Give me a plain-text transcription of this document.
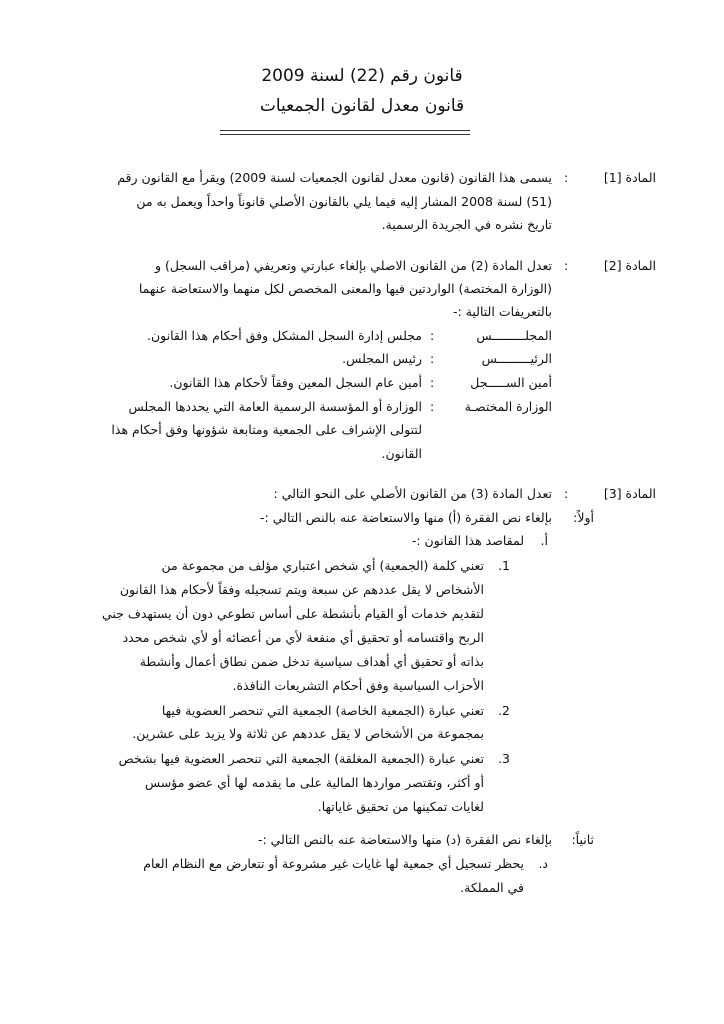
قانون رقم (22) لسنة 2009
قانون معدل لقانون الجمعيات
المادة [1]
:
يسمى هذا القانون (قانون معدل لقانون الجمعيات لسنة 2009) ويقرأ مع القانون رقم
(51) لسنة 2008 المشار إليه فيما يلي بالقانون الأصلي قانوناً واحداً ويعمل به من
تاريخ نشره في الجريدة الرسمية.
المادة [2]
:
تعدل المادة (2) من القانون الاصلي بإلغاء عبارتي وتعريفي (مراقب السجل) و
(الوزارة المختصة) الواردتين فيها والمعنى المخصص لكل منهما والاستعاضة عنهما
بالتعريفات التالية :-
المجلـــــــــس
:
مجلس إدارة السجل المشكل وفق أحكام هذا القانون.
الرئيـــــــــس
:
رئيس المجلس.
أمين الســـــجل
:
أمين عام السجل المعين وفقاً لأحكام هذا القانون.
الوزارة المختصـة
:
الوزارة أو المؤسسة الرسمية العامة التي يحددها المجلس
لتتولى الإشراف على الجمعية ومتابعة شؤونها وفق أحكام هذا
القانون.
المادة [3]
:
تعدل المادة (3) من القانون الأصلي على النحو التالي :
أولاً:
بإلغاء نص الفقرة (أ) منها والاستعاضة عنه بالنص التالي :-
أ.
لمقاصد هذا القانون :-
1.
تعني كلمة (الجمعية) أي شخص اعتباري مؤلف من مجموعة من
الأشخاص لا يقل عددهم عن سبعة ويتم تسجيله وفقاً لأحكام هذا القانون
لتقديم خدمات أو القيام بأنشطة على أساس تطوعي دون أن يستهدف جني
الربح واقتسامه أو تحقيق أي منفعة لأي من أعضائه أو لأي شخص محدد
بذاته أو تحقيق أي أهداف سياسية تدخل ضمن نطاق أعمال وأنشطة
الأحزاب السياسية وفق أحكام التشريعات النافذة.
2.
تعني عبارة (الجمعية الخاصة) الجمعية التي تنحصر العضوية فيها
بمجموعة من الأشخاص لا يقل عددهم عن ثلاثة ولا يزيد على عشرين.
3.
تعني عبارة (الجمعية المغلقة) الجمعية التي تنحصر العضوية فيها بشخص
أو أكثر، وتقتصر مواردها المالية على ما يقدمه لها أي عضو مؤسس
لغايات تمكينها من تحقيق غاياتها.
ثانياً:
بإلغاء نص الفقرة (د) منها والاستعاضة عنه بالنص التالي :-
د.
يحظر تسجيل أي جمعية لها غايات غير مشروعة أو تتعارض مع النظام العام
في المملكة.
